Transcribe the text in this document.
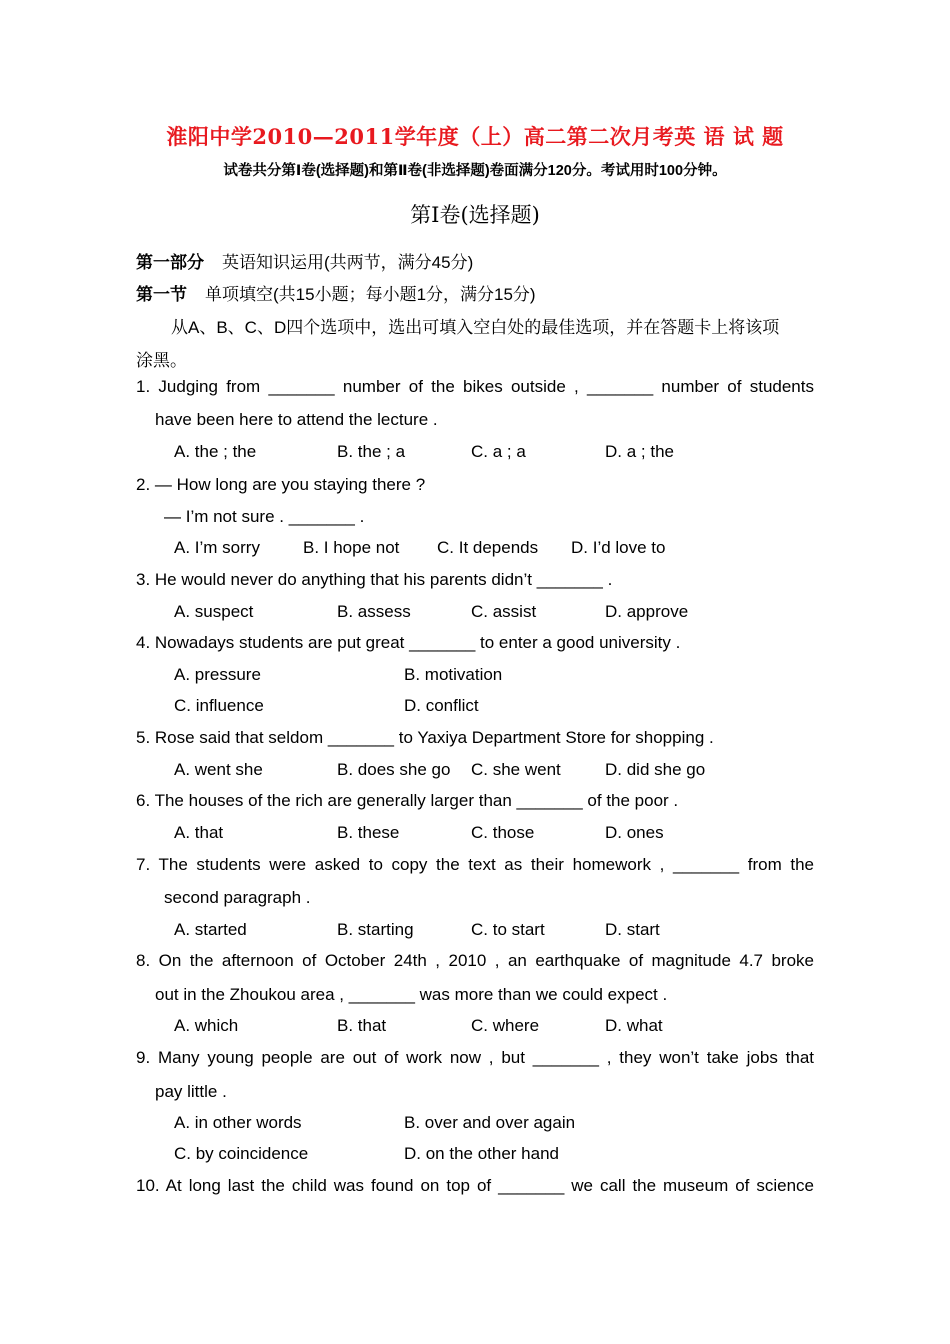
淮阳中学2010—2011学年度（上）高二第二次月考英 语 试 题
试卷共分第Ⅰ卷(选择题)和第Ⅱ卷(非选择题)卷面满分120分。考试用时100分钟。
第Ⅰ卷(选择题)
第一部分 英语知识运用(共两节，满分45分)
第一节 单项填空(共15小题；每小题1分，满分15分)
从A、B、C、D四个选项中，选出可填入空白处的最佳选项，并在答题卡上将该项
涂黑。
1. Judging from _______ number of the bikes outside , _______ number of students
have been here to attend the lecture .
A. the ; the	B. the ; a	C. a ; a	D. a ; the
2. — How long are you staying there ?
— I’m not sure . _______ .
A. I’m sorry	B. I hope not C. It depends D. I’d love to
3. He would never do anything that his parents didn’t _______ .
A. suspect	B. assess	C. assist	D. approve
4. Nowadays students are put great _______ to enter a good university .
A. pressure	B. motivation
C. influence	D. conflict
5. Rose said that seldom _______ to Yaxiya Department Store for shopping .
A. went she	B. does she go C. she went	D. did she go
6. The houses of the rich are generally larger than _______ of the poor .
A. that	B. these	C. those	D. ones
7. The students were asked to copy the text as their homework , _______ from the
second paragraph .
A. started	B. starting	C. to start	D. start
8. On the afternoon of October 24th , 2010 , an earthquake of magnitude 4.7 broke
out in the Zhoukou area , _______ was more than we could expect .
A. which	B. that	C. where	D. what
9. Many young people are out of work now , but _______ , they won’t take jobs that
pay little .
A. in other words	B. over and over again
C. by coincidence	D. on the other hand
10. At long last the child was found on top of _______ we call the museum of science
